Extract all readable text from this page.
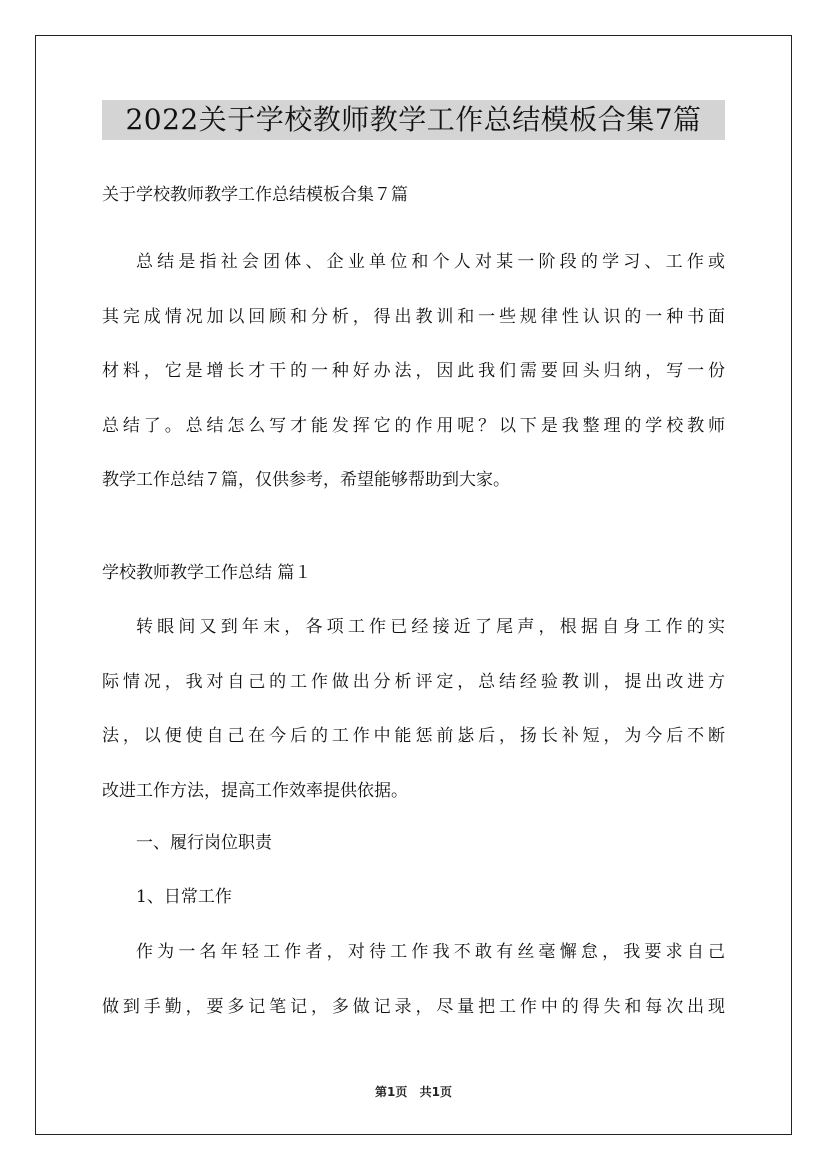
2022关于学校教师教学工作总结模板合集7篇
关于学校教师教学工作总结模板合集７篇
总结是指社会团体、企业单位和个人对某一阶段的学习、工作或
其完成情况加以回顾和分析，得出教训和一些规律性认识的一种书面
材料，它是增长才干的一种好办法，因此我们需要回头归纳，写一份
总结了。总结怎么写才能发挥它的作用呢？以下是我整理的学校教师
教学工作总结７篇，仅供参考，希望能够帮助到大家。
学校教师教学工作总结 篇１
转眼间又到年末，各项工作已经接近了尾声，根据自身工作的实
际情况，我对自己的工作做出分析评定，总结经验教训，提出改进方
法，以便使自己在今后的工作中能惩前毖后，扬长补短，为今后不断
改进工作方法，提高工作效率提供依据。
一、履行岗位职责
1、日常工作
作为一名年轻工作者，对待工作我不敢有丝毫懈怠，我要求自己
做到手勤，要多记笔记，多做记录，尽量把工作中的得失和每次出现
第1页 共1页
